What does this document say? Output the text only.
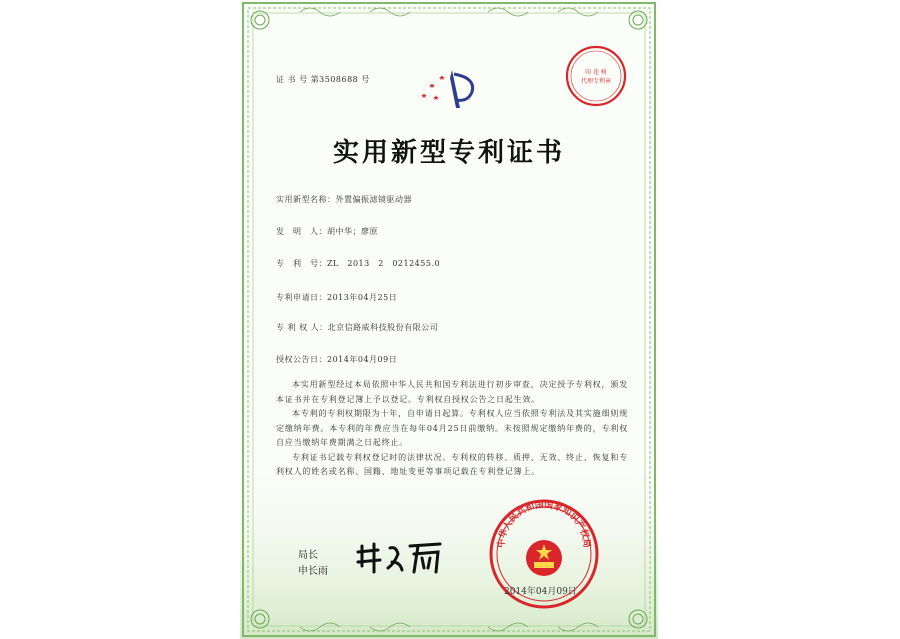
证 书 号 第3508688 号
印 花 树
代理专利章
实用新型专利证书
实用新型名称：外置偏振滤镜驱动器
发　明　人：胡中华；廖原
专　利　号：ZL　2013　2　0212455.0
专利申请日：2013年04月25日
专 利 权 人：北京信路威科技股份有限公司
授权公告日：2014年04月09日
本实用新型经过本局依照中华人民共和国专利法进行初步审查，决定授予专利权，颁发本证书并在专利登记簿上予以登记。专利权自授权公告之日起生效。
本专利的专利权期限为十年，自申请日起算。专利权人应当依照专利法及其实施细则规定缴纳年费。本专利的年费应当在每年04月25日前缴纳。未按照规定缴纳年费的，专利权自应当缴纳年费期满之日起终止。
专利证书记载专利权登记时的法律状况。专利权的转移、质押、无效、终止、恢复和专利权人的姓名或名称、国籍、地址变更等事项记载在专利登记簿上。
局长
申长雨
中华人民共和国国家知识产权局
2014年04月09日
